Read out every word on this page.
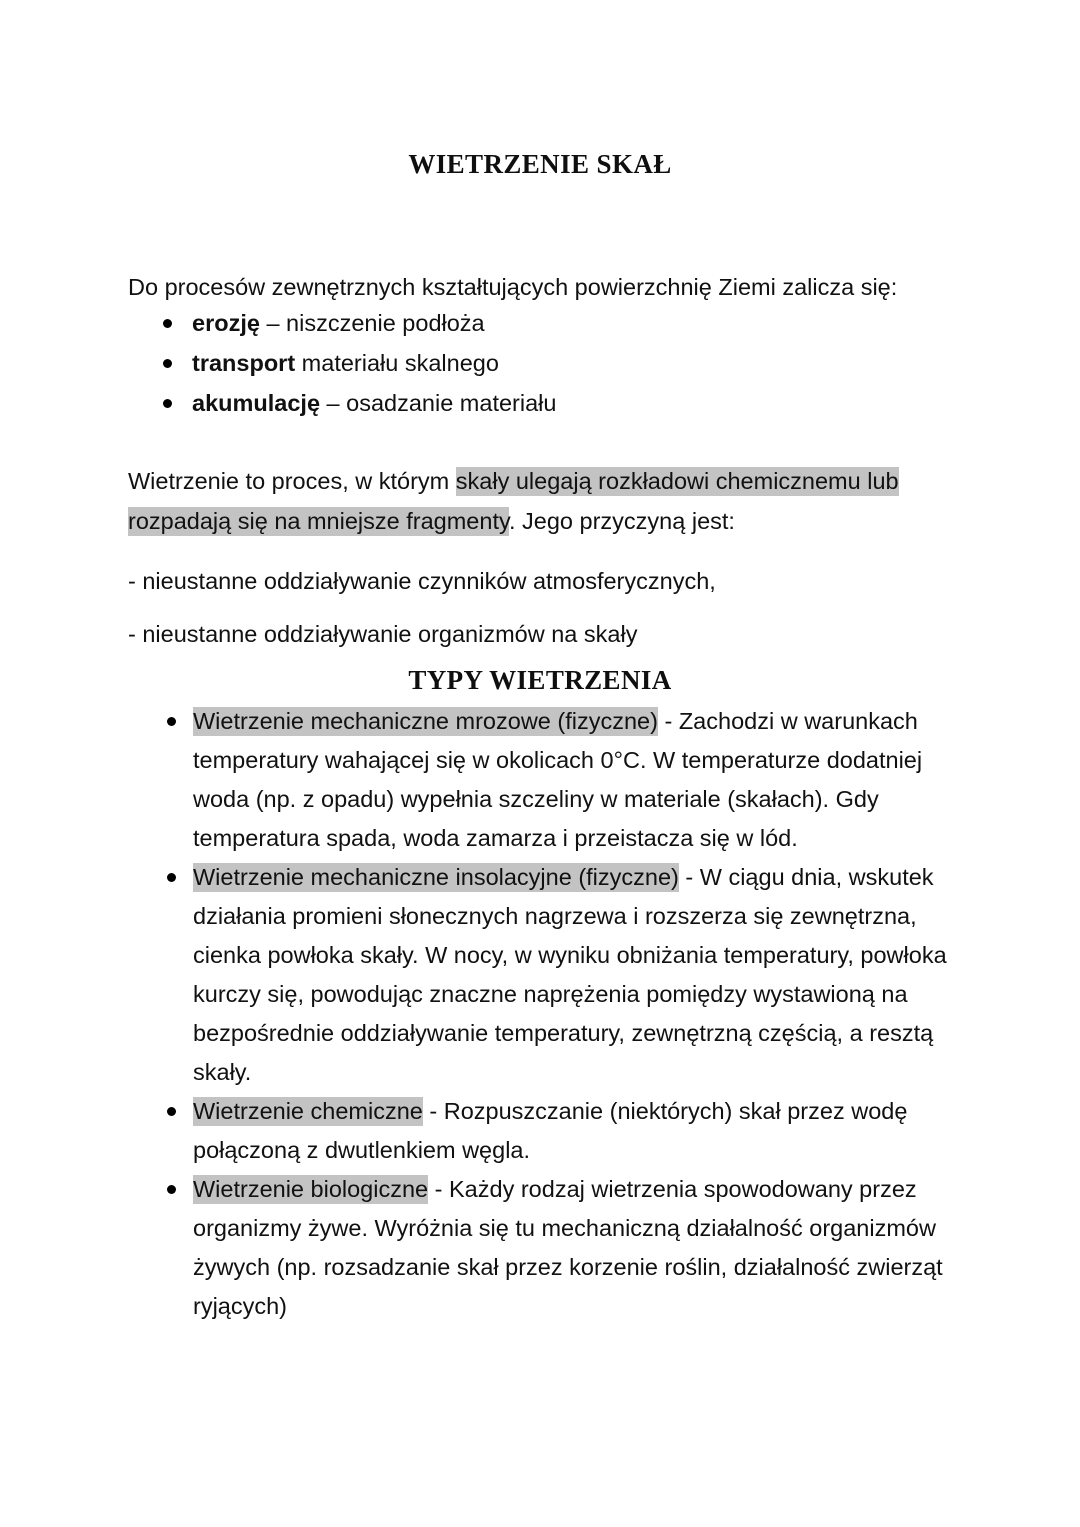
WIETRZENIE SKAŁ

Do procesów zewnętrznych kształtujących powierzchnię Ziemi zalicza się:

erozję – niszczenie podłoża
transport materiału skalnego
akumulację – osadzanie materiału

Wietrzenie to proces, w którym skały ulegają rozkładowi chemicznemu lub rozpadają się na mniejsze fragmenty. Jego przyczyną jest:

- nieustanne oddziaływanie czynników atmosferycznych,

- nieustanne oddziaływanie organizmów na skały

TYPY WIETRZENIA
Wietrzenie mechaniczne mrozowe (fizyczne) - Zachodzi w warunkach temperatury wahającej się w okolicach 0°C. W temperaturze dodatniej woda (np. z opadu) wypełnia szczeliny w materiale (skałach). Gdy temperatura spada, woda zamarza i przeistacza się w lód.
Wietrzenie mechaniczne insolacyjne (fizyczne) - W ciągu dnia, wskutek działania promieni słonecznych nagrzewa i rozszerza się zewnętrzna, cienka powłoka skały. W nocy, w wyniku obniżania temperatury, powłoka kurczy się, powodując znaczne naprężenia pomiędzy wystawioną na bezpośrednie oddziaływanie temperatury, zewnętrzną częścią, a resztą skały.
Wietrzenie chemiczne - Rozpuszczanie (niektórych) skał przez wodę połączoną z dwutlenkiem węgla.
Wietrzenie biologiczne - Każdy rodzaj wietrzenia spowodowany przez organizmy żywe. Wyróżnia się tu mechaniczną działalność organizmów żywych (np. rozsadzanie skał przez korzenie roślin, działalność zwierząt ryjących)
